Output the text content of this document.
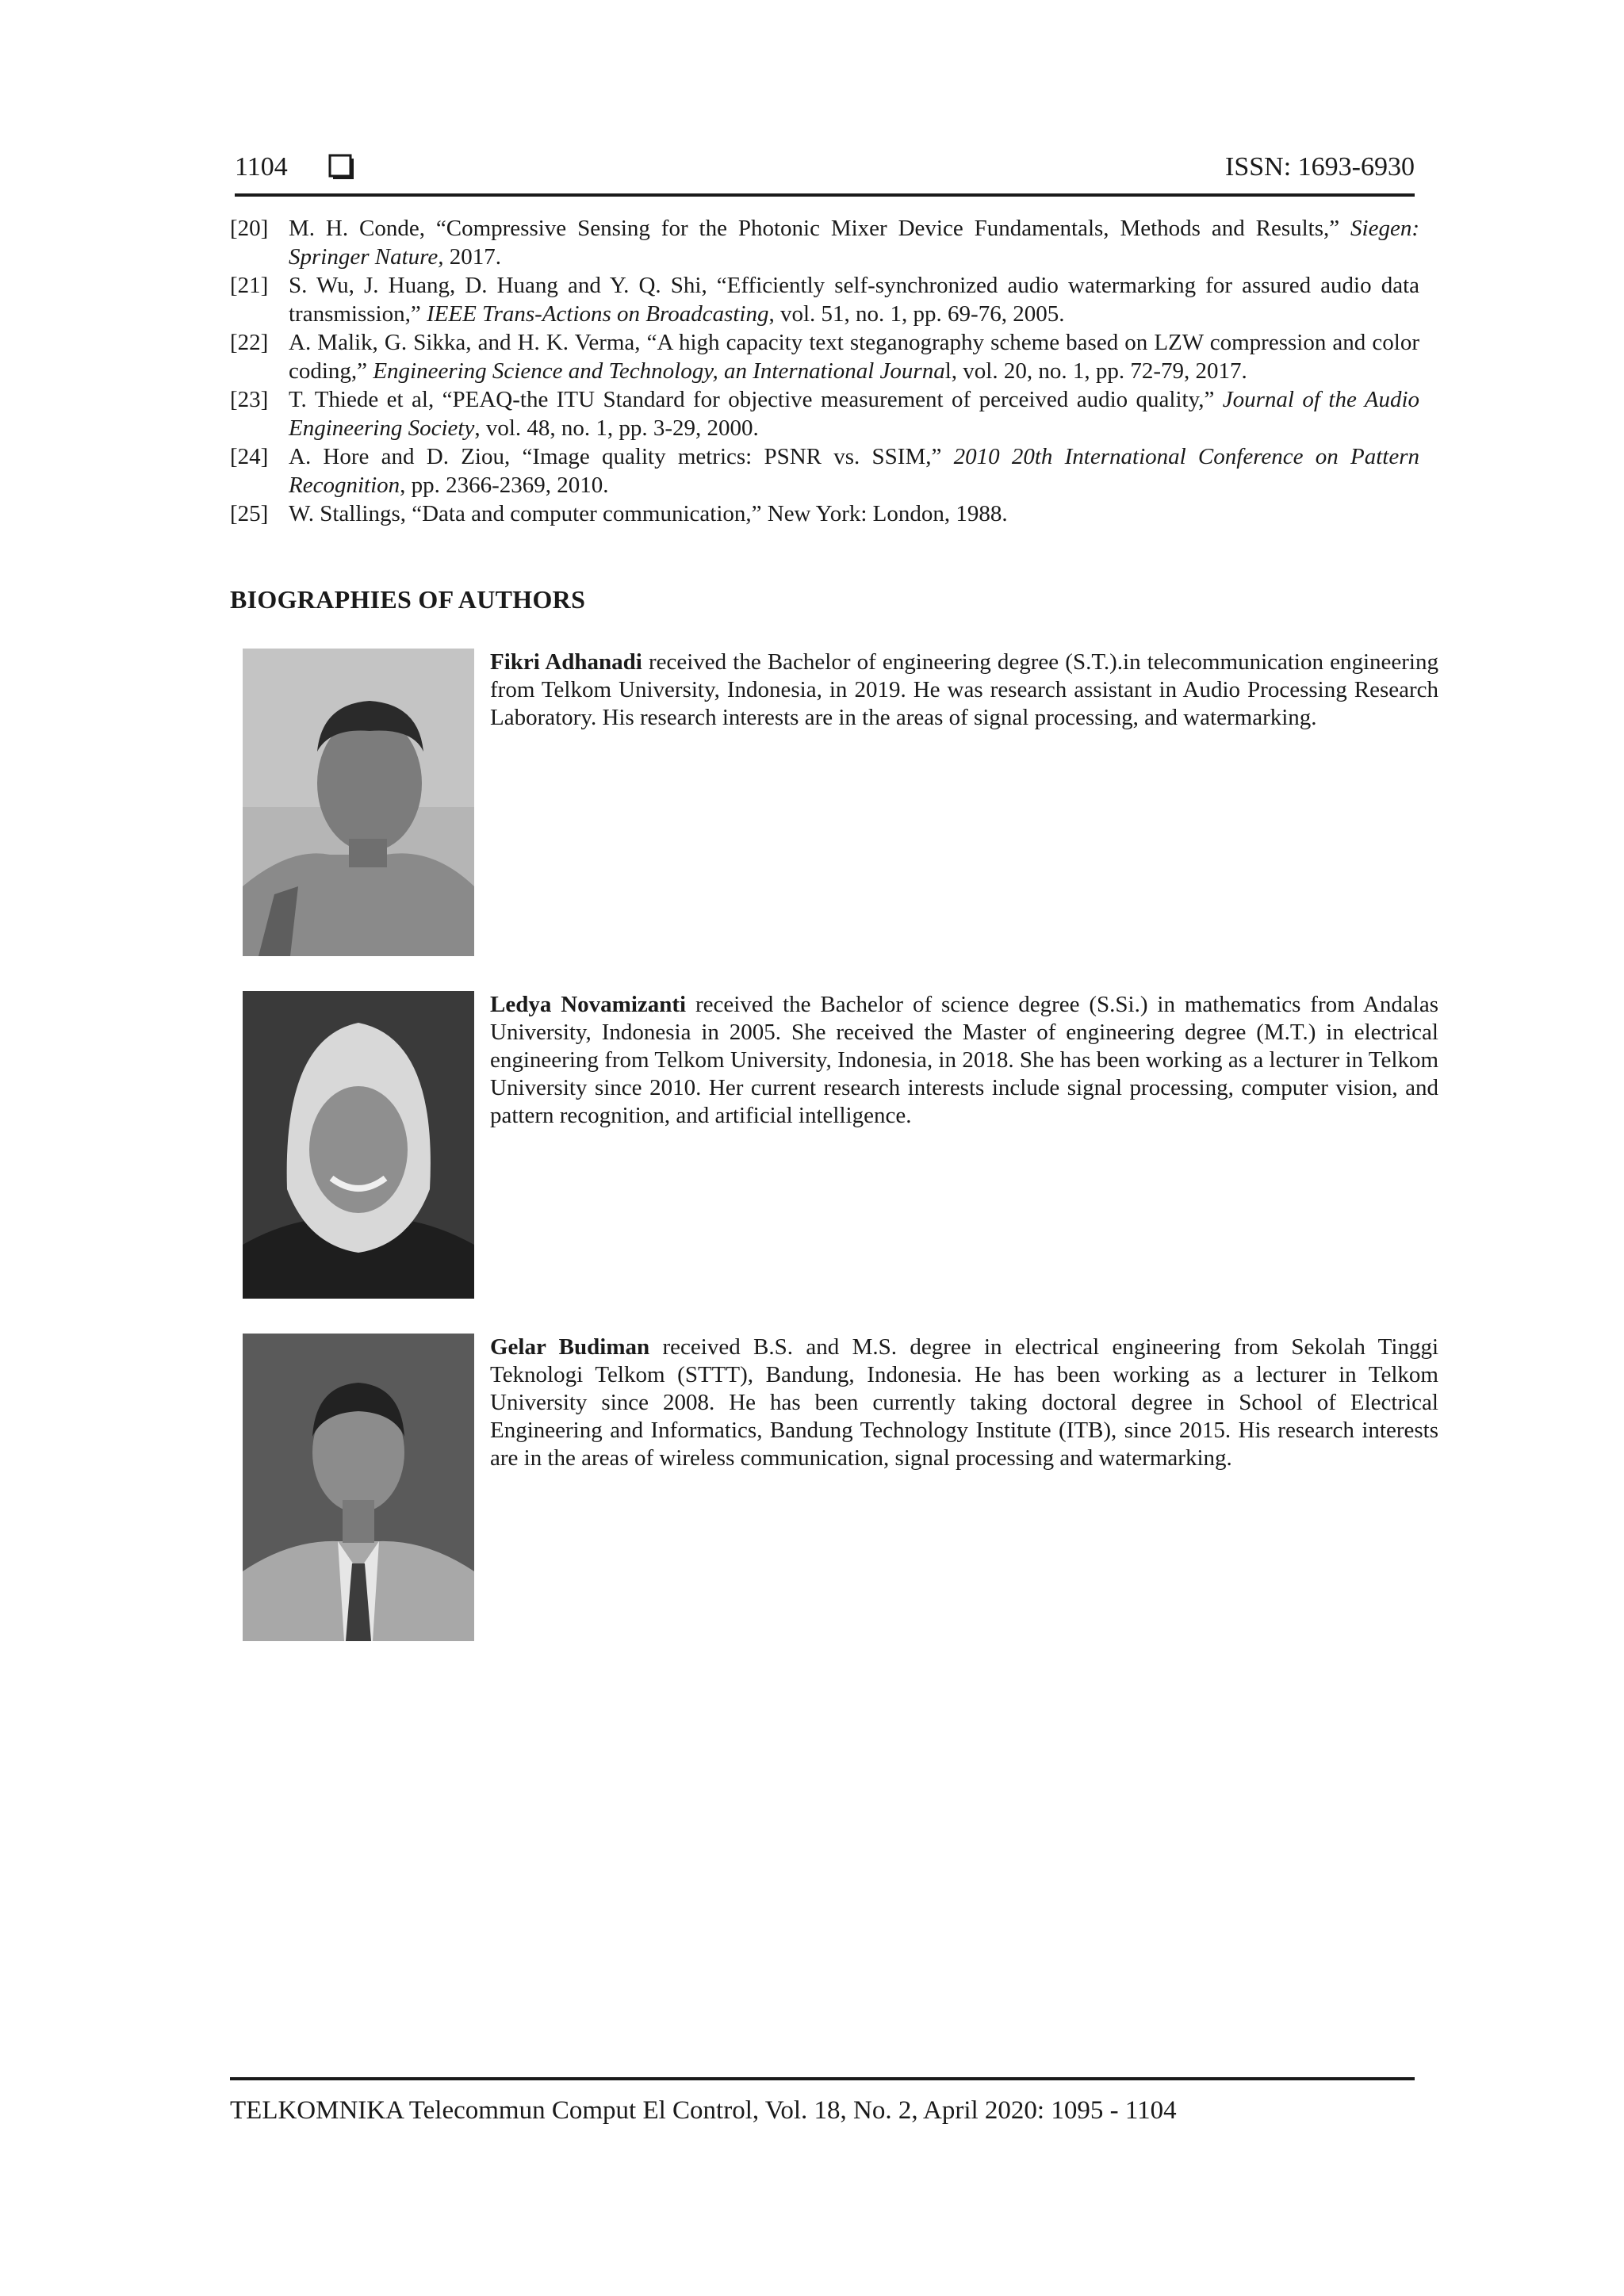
1104	ISSN: 1693-6930
[20] M. H. Conde, “Compressive Sensing for the Photonic Mixer Device Fundamentals, Methods and Results,” Siegen: Springer Nature, 2017.
[21] S. Wu, J. Huang, D. Huang and Y. Q. Shi, “Efficiently self-synchronized audio watermarking for assured audio data transmission,” IEEE Trans-Actions on Broadcasting, vol. 51, no. 1, pp. 69-76, 2005.
[22] A. Malik, G. Sikka, and H. K. Verma, “A high capacity text steganography scheme based on LZW compression and color coding,” Engineering Science and Technology, an International Journal, vol. 20, no. 1, pp. 72-79, 2017.
[23] T. Thiede et al, “PEAQ-the ITU Standard for objective measurement of perceived audio quality,” Journal of the Audio Engineering Society, vol. 48, no. 1, pp. 3-29, 2000.
[24] A. Hore and D. Ziou, “Image quality metrics: PSNR vs. SSIM,” 2010 20th International Conference on Pattern Recognition, pp. 2366-2369, 2010.
[25] W. Stallings, “Data and computer communication,” New York: London, 1988.
BIOGRAPHIES OF AUTHORS
Fikri Adhanadi received the Bachelor of engineering degree (S.T.).in telecommunication engineering from Telkom University, Indonesia, in 2019. He was research assistant in Audio Processing Research Laboratory. His research interests are in the areas of signal processing, and watermarking.
Ledya Novamizanti received the Bachelor of science degree (S.Si.) in mathematics from Andalas University, Indonesia in 2005. She received the Master of engineering degree (M.T.) in electrical engineering from Telkom University, Indonesia, in 2018. She has been working as a lecturer in Telkom University since 2010. Her current research interests include signal processing, computer vision, and pattern recognition, and artificial intelligence.
Gelar Budiman received B.S. and M.S. degree in electrical engineering from Sekolah Tinggi Teknologi Telkom (STTT), Bandung, Indonesia. He has been working as a lecturer in Telkom University since 2008. He has been currently taking doctoral degree in School of Electrical Engineering and Informatics, Bandung Technology Institute (ITB), since 2015. His research interests are in the areas of wireless communication, signal processing and watermarking.
TELKOMNIKA Telecommun Comput El Control, Vol. 18, No. 2, April 2020: 1095 - 1104
